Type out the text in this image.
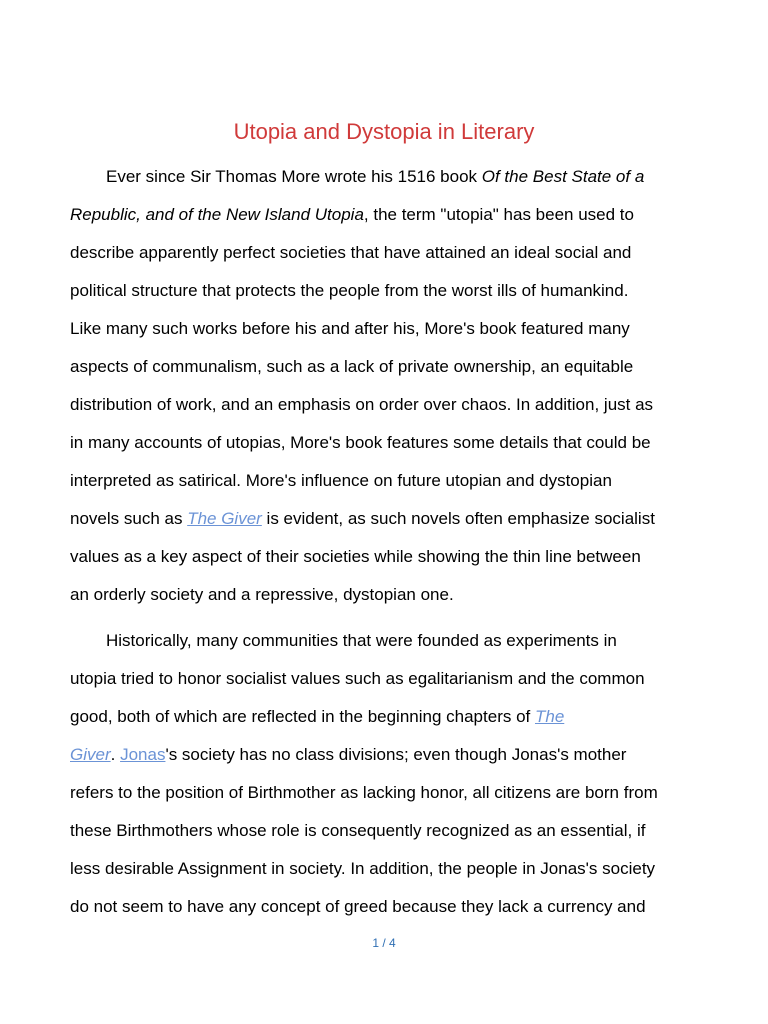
Utopia and Dystopia in Literary
Ever since Sir Thomas More wrote his 1516 book Of the Best State of a
Republic, and of the New Island Utopia, the term "utopia" has been used to
describe apparently perfect societies that have attained an ideal social and
political structure that protects the people from the worst ills of humankind.
Like many such works before his and after his, More's book featured many
aspects of communalism, such as a lack of private ownership, an equitable
distribution of work, and an emphasis on order over chaos. In addition, just as
in many accounts of utopias, More's book features some details that could be
interpreted as satirical. More's influence on future utopian and dystopian
novels such as The Giver is evident, as such novels often emphasize socialist
values as a key aspect of their societies while showing the thin line between
an orderly society and a repressive, dystopian one.
Historically, many communities that were founded as experiments in
utopia tried to honor socialist values such as egalitarianism and the common
good, both of which are reflected in the beginning chapters of The
Giver. Jonas's society has no class divisions; even though Jonas's mother
refers to the position of Birthmother as lacking honor, all citizens are born from
these Birthmothers whose role is consequently recognized as an essential, if
less desirable Assignment in society. In addition, the people in Jonas's society
do not seem to have any concept of greed because they lack a currency and
1 / 4
